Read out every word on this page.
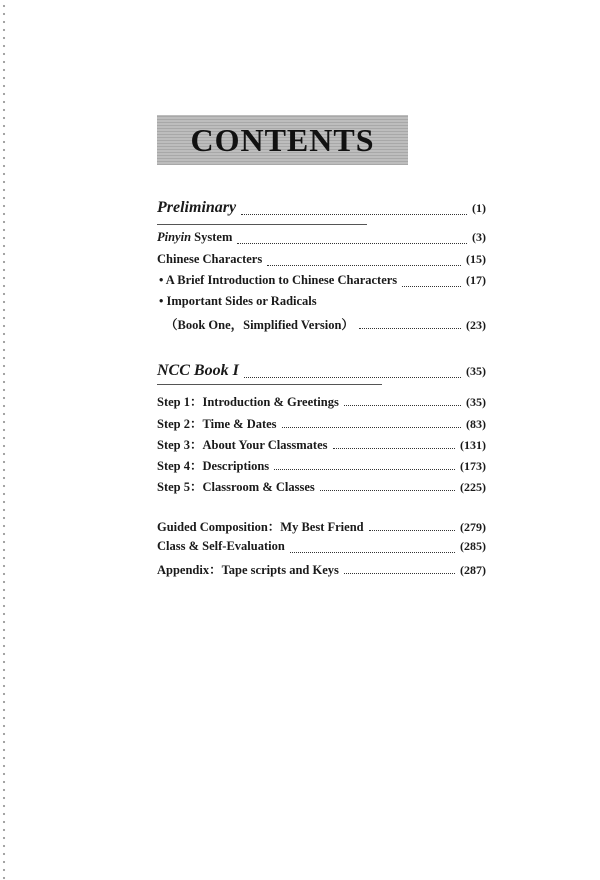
CONTENTS
Preliminary	(1)
Pinyin System	(3)
Chinese Characters	(15)
• A Brief Introduction to Chinese Characters	(17)
• Important Sides or Radicals
（Book One，Simplified Version）	(23)
NCC Book I	(35)
Step 1：Introduction & Greetings	(35)
Step 2：Time & Dates	(83)
Step 3：About Your Classmates	(131)
Step 4：Descriptions	(173)
Step 5：Classroom & Classes	(225)
Guided Composition：My Best Friend	(279)
Class & Self-Evaluation	(285)
Appendix：Tape scripts and Keys	(287)
